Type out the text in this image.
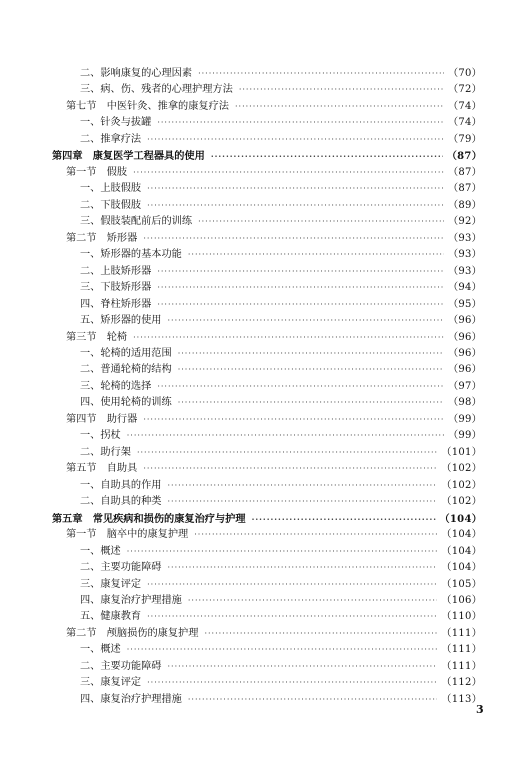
二、影响康复的心理因素 ·····	（70）
三、病、伤、残者的心理护理方法 ·····	（72）
第七节　中医针灸、推拿的康复疗法 ·····	（74）
一、针灸与拔罐 ·····	（74）
二、推拿疗法 ·····	（79）
第四章　康复医学工程器具的使用 ·····	（87）
第一节　假肢 ·····	（87）
一、上肢假肢 ·····	（87）
二、下肢假肢 ·····	（89）
三、假肢装配前后的训练 ·····	（92）
第二节　矫形器 ·····	（93）
一、矫形器的基本功能 ·····	（93）
二、上肢矫形器 ·····	（93）
三、下肢矫形器 ·····	（94）
四、脊柱矫形器 ·····	（95）
五、矫形器的使用 ·····	（96）
第三节　轮椅 ·····	（96）
一、轮椅的适用范围 ·····	（96）
二、普通轮椅的结构 ·····	（96）
三、轮椅的选择 ·····	（97）
四、使用轮椅的训练 ·····	（98）
第四节　助行器 ·····	（99）
一、拐杖 ·····	（99）
二、助行架 ·····	（101）
第五节　自助具 ·····	（102）
一、自助具的作用 ·····	（102）
二、自助具的种类 ·····	（102）
第五章　常见疾病和损伤的康复治疗与护理 ·····	（104）
第一节　脑卒中的康复护理 ·····	（104）
一、概述 ·····	（104）
二、主要功能障碍 ·····	（104）
三、康复评定 ·····	（105）
四、康复治疗护理措施 ·····	（106）
五、健康教育 ·····	（110）
第二节　颅脑损伤的康复护理 ·····	（111）
一、概述 ·····	（111）
二、主要功能障碍 ·····	（111）
三、康复评定 ·····	（112）
四、康复治疗护理措施 ·····	（113）
3
